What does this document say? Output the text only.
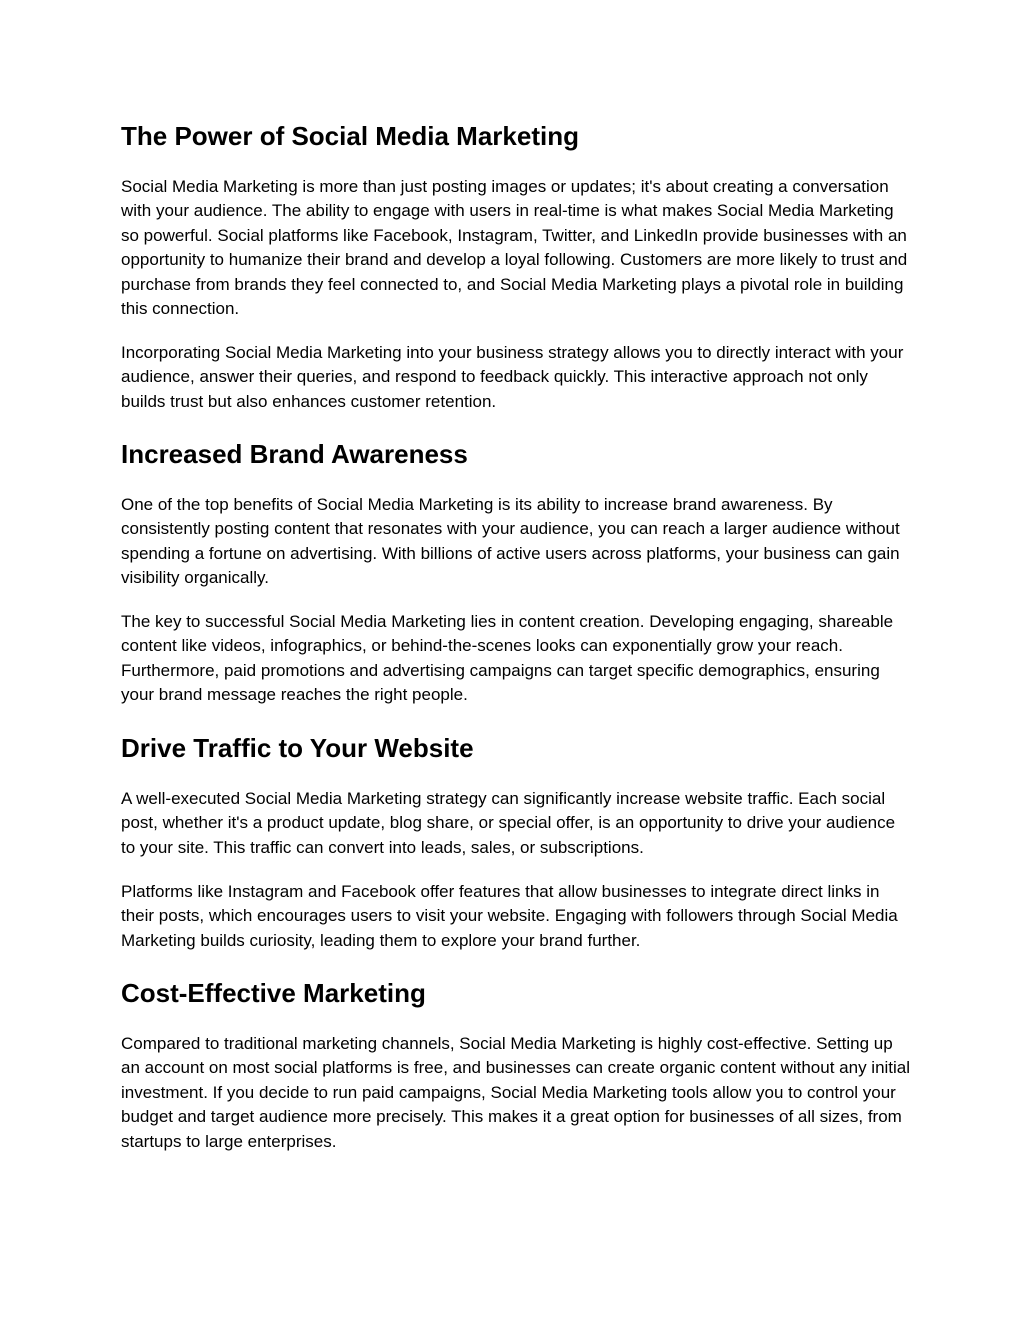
The Power of Social Media Marketing

Social Media Marketing is more than just posting images or updates; it's about creating a conversation with your audience. The ability to engage with users in real-time is what makes Social Media Marketing so powerful. Social platforms like Facebook, Instagram, Twitter, and LinkedIn provide businesses with an opportunity to humanize their brand and develop a loyal following. Customers are more likely to trust and purchase from brands they feel connected to, and Social Media Marketing plays a pivotal role in building this connection.

Incorporating Social Media Marketing into your business strategy allows you to directly interact with your audience, answer their queries, and respond to feedback quickly. This interactive approach not only builds trust but also enhances customer retention.

Increased Brand Awareness

One of the top benefits of Social Media Marketing is its ability to increase brand awareness. By consistently posting content that resonates with your audience, you can reach a larger audience without spending a fortune on advertising. With billions of active users across platforms, your business can gain visibility organically.

The key to successful Social Media Marketing lies in content creation. Developing engaging, shareable content like videos, infographics, or behind-the-scenes looks can exponentially grow your reach. Furthermore, paid promotions and advertising campaigns can target specific demographics, ensuring your brand message reaches the right people.

Drive Traffic to Your Website

A well-executed Social Media Marketing strategy can significantly increase website traffic. Each social post, whether it's a product update, blog share, or special offer, is an opportunity to drive your audience to your site. This traffic can convert into leads, sales, or subscriptions.

Platforms like Instagram and Facebook offer features that allow businesses to integrate direct links in their posts, which encourages users to visit your website. Engaging with followers through Social Media Marketing builds curiosity, leading them to explore your brand further.

Cost-Effective Marketing

Compared to traditional marketing channels, Social Media Marketing is highly cost-effective. Setting up an account on most social platforms is free, and businesses can create organic content without any initial investment. If you decide to run paid campaigns, Social Media Marketing tools allow you to control your budget and target audience more precisely. This makes it a great option for businesses of all sizes, from startups to large enterprises.
